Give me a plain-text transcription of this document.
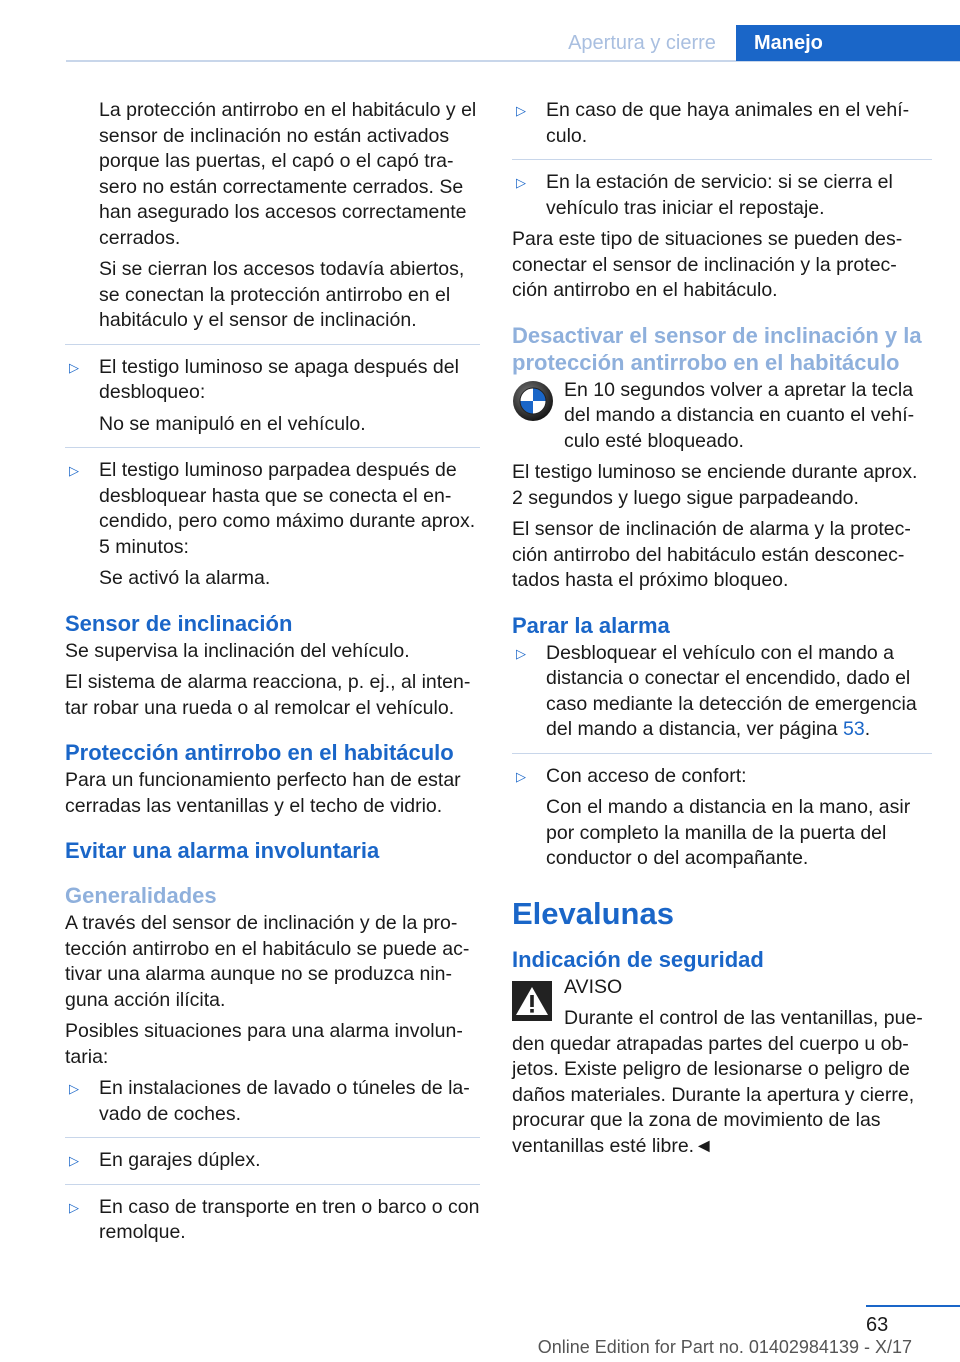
Apertura y cierre	Manejo

La protección antirrobo en el habitáculo y el sensor de inclinación no están activados porque las puertas, el capó o el capó tra-sero no están correctamente cerrados. Se han asegurado los accesos correctamente cerrados.

Si se cierran los accesos todavía abiertos, se conectan la protección antirrobo en el habitáculo y el sensor de inclinación.

▷ El testigo luminoso se apaga después del desbloqueo:

No se manipuló en el vehículo.

▷ El testigo luminoso parpadea después de desbloquear hasta que se conecta el en-cendido, pero como máximo durante aprox. 5 minutos:

Se activó la alarma.

Sensor de inclinación

Se supervisa la inclinación del vehículo.

El sistema de alarma reacciona, p. ej., al inten-tar robar una rueda o al remolcar el vehículo.

Protección antirrobo en el habitáculo

Para un funcionamiento perfecto han de estar cerradas las ventanillas y el techo de vidrio.

Evitar una alarma involuntaria
Generalidades

A través del sensor de inclinación y de la pro-tección antirrobo en el habitáculo se puede ac-tivar una alarma aunque no se produzca nin-guna acción ilícita.

Posibles situaciones para una alarma involun-taria:

▷ En instalaciones de lavado o túneles de la-vado de coches.

▷ En garajes dúplex.

▷ En caso de transporte en tren o barco o con remolque.

▷ En caso de que haya animales en el vehí-culo.

▷ En la estación de servicio: si se cierra el vehículo tras iniciar el repostaje.

Para este tipo de situaciones se pueden des-conectar el sensor de inclinación y la protec-ción antirrobo en el habitáculo.

Desactivar el sensor de inclinación y la protección antirrobo en el habitáculo

En 10 segundos volver a apretar la tecla del mando a distancia en cuanto el vehí-culo esté bloqueado.

El testigo luminoso se enciende durante aprox. 2 segundos y luego sigue parpadeando.

El sensor de inclinación de alarma y la protec-ción antirrobo del habitáculo están desconec-tados hasta el próximo bloqueo.

Parar la alarma
▷ Desbloquear el vehículo con el mando a distancia o conectar el encendido, dado el caso mediante la detección de emergencia del mando a distancia, ver página 53.

▷ Con acceso de confort:

Con el mando a distancia en la mano, asir por completo la manilla de la puerta del conductor o del acompañante.

Elevalunas
Indicación de seguridad

AVISO

Durante el control de las ventanillas, pue-den quedar atrapadas partes del cuerpo u ob-jetos. Existe peligro de lesionarse o peligro de daños materiales. Durante la apertura y cierre, procurar que la zona de movimiento de las ventanillas esté libre.◄

63
Online Edition for Part no. 01402984139 - X/17
